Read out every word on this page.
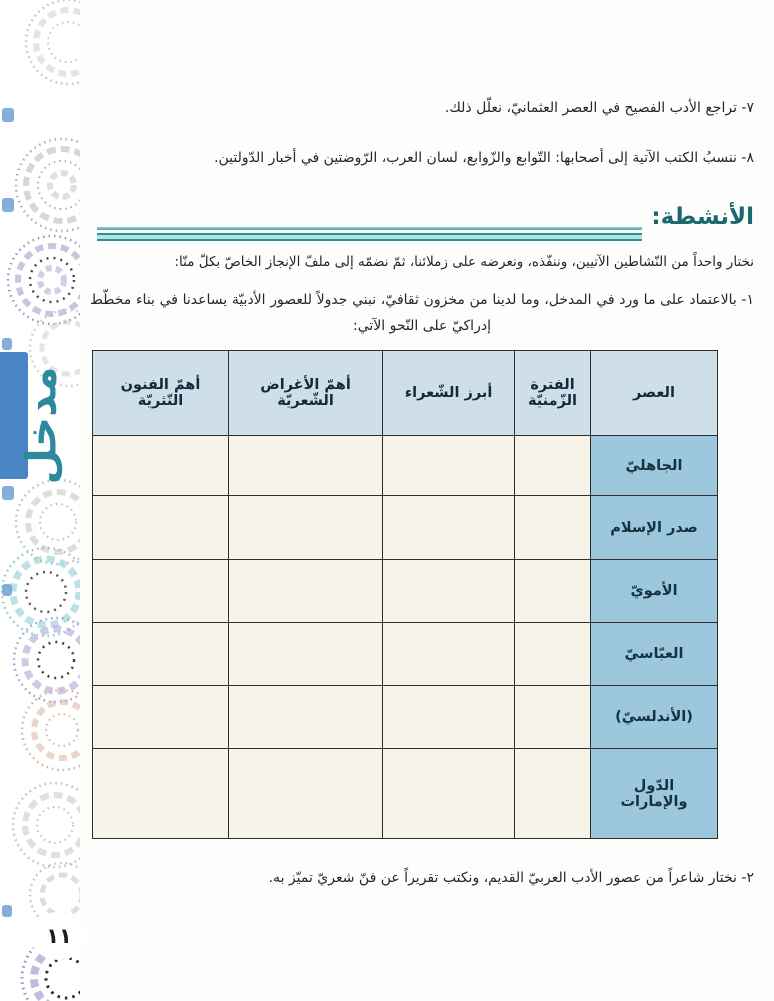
مدخل
١١
٧- تراجع الأدب الفصيح في العصر العثمانيّ، نعلّل ذلك.
٨- ننسبُ الكتب الآتية إلى أصحابها: التّوابع والزّوابع، لسان العرب، الرّوضتين في أخبار الدّولتين.
الأنشطة:
نختار واحداً من النّشاطين الآتيين، وننفّذه، ونعرضه على زملائنا، ثمّ نضمّه إلى ملفّ الإنجاز الخاصّ بكلّ منّا:
١- بالاعتماد على ما ورد في المدخل، وما لدينا من مخزون ثقافيّ، نبني جدولاً للعصور الأدبيّة يساعدنا في بناء مخطّط إدراكيّ على النّحو الآتي:
العصر	الفترة الزّمنيّة	أبرز الشّعراء	أهمّ الأغراض الشّعريّة	أهمّ الفنون النّثريّة
الجاهليّ				
صدر الإسلام				
الأمويّ				
العبّاسيّ				
(الأندلسيّ)				
الدّول والإمارات				
٢- نختار شاعراً من عصور الأدب العربيّ القديم، ونكتب تقريراً عن فنّ شعريّ تميّز به.
